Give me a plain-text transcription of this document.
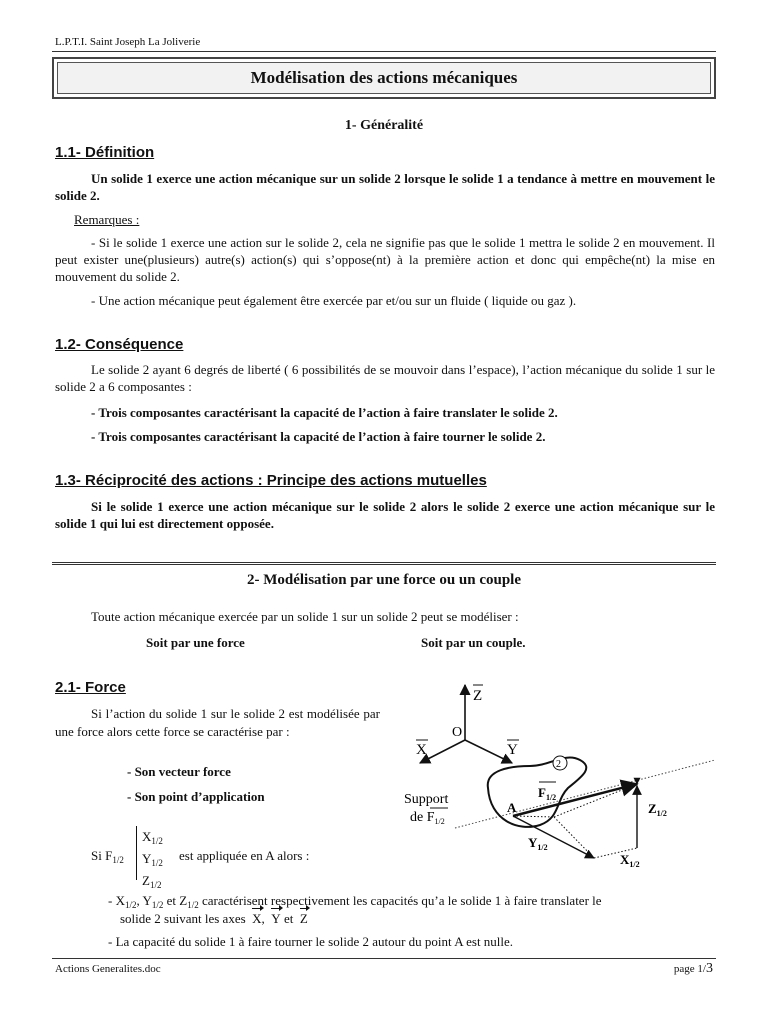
L.P.T.I. Saint Joseph La Joliverie
Modélisation des actions mécaniques
1- Généralité
1.1- Définition
Un solide 1 exerce une action mécanique sur un solide 2 lorsque le solide 1 a tendance à mettre en mouvement le solide 2.
Remarques :
- Si le solide 1 exerce une action sur le solide 2, cela ne signifie pas que le solide 1 mettra le solide 2 en mouvement. Il peut exister une(plusieurs) autre(s) action(s) qui s’oppose(nt) à la première action et donc qui empêche(nt) la mise en mouvement du solide 2.
- Une action mécanique peut également être exercée par et/ou sur un fluide ( liquide ou gaz ).
1.2- Conséquence
Le solide 2 ayant 6 degrés de liberté ( 6 possibilités de se mouvoir dans l’espace), l’action mécanique du solide 1 sur le solide 2 a 6 composantes :
- Trois composantes caractérisant la capacité de l’action à faire translater le solide 2.
- Trois composantes caractérisant la capacité de l’action à faire tourner le solide 2.
1.3- Réciprocité des actions : Principe des actions mutuelles
Si le solide 1 exerce une action mécanique sur le solide 2 alors le solide 2 exerce une action mécanique sur le solide 1 qui lui est directement opposée.
2- Modélisation par une force ou un couple
Toute action mécanique exercée par un solide 1 sur un solide 2 peut se modéliser :
Soit par une force	Soit par un couple.
2.1- Force
Si l’action du solide 1 sur le solide 2 est modélisée par une force alors cette force se caractérise par :
- Son vecteur force
- Son point d’application
Si $F_{1/2}$
$X_{1/2}$
$Y_{1/2}$
$Z_{1/2}$
est appliquée en A alors :
- $X_{1/2}$, $Y_{1/2}$ et $Z_{1/2}$ caractérisent respectivement les capacités qu’a le solide 1 à faire translater le
solide 2 suivant les axes X,  Y et Z
- La capacité du solide 1 à faire tourner le solide 2 autour du point A est nulle.
Z
O
X	Y
2
A
$F_{1/2}$
$Z_{1/2}$
$Y_{1/2}$
$X_{1/2}$
Support
de $F_{1/2}$
Actions Generalites.doc	page 1/3
